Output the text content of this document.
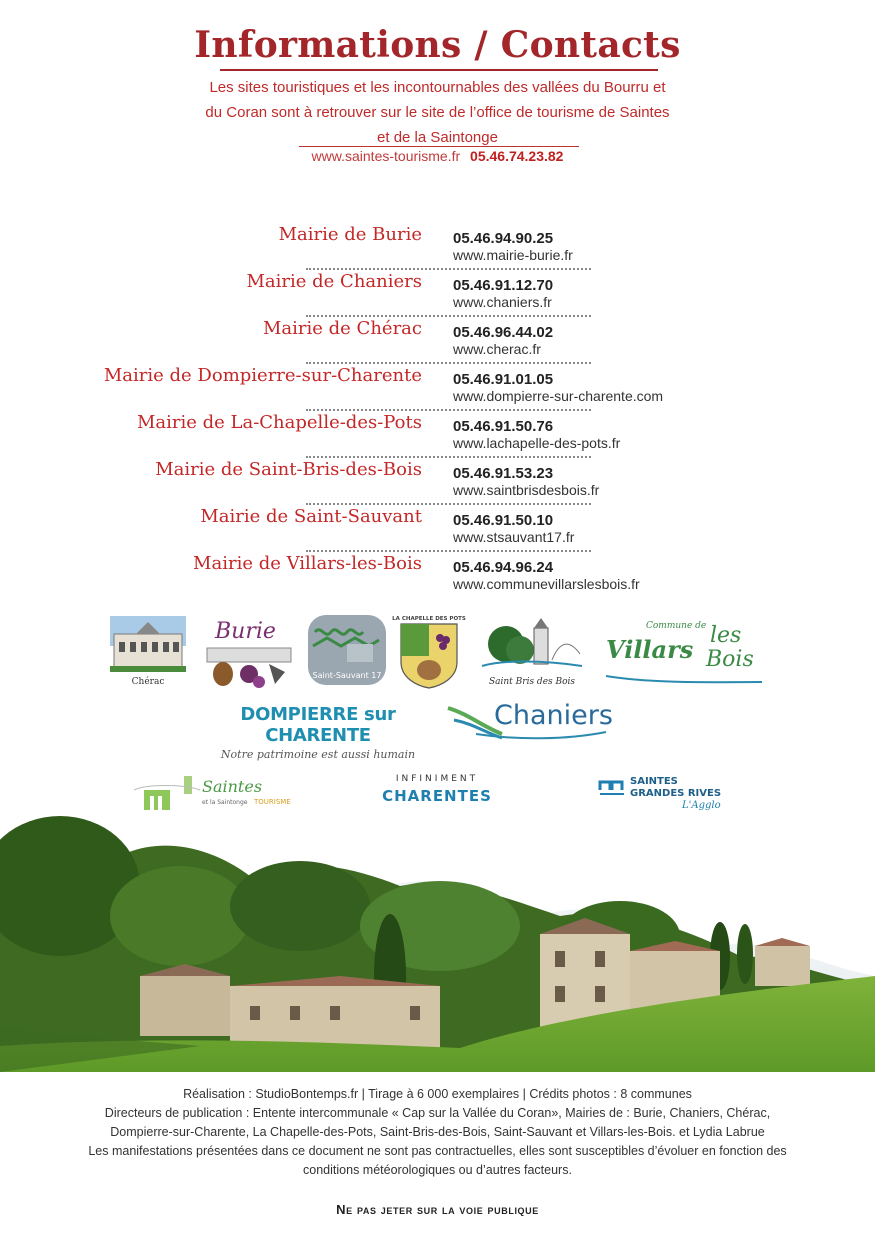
Informations / Contacts
Les sites touristiques et les incontournables des vallées du Bourru et du Coran sont à retrouver sur le site de l’office de tourisme de Saintes et de la Saintonge
www.saintes-tourisme.fr 05.46.74.23.82
Mairie de Burie 05.46.94.90.25
www.mairie-burie.fr
Mairie de Chaniers 05.46.91.12.70
www.chaniers.fr
Mairie de Chérac 05.46.96.44.02
www.cherac.fr
Mairie de Dompierre-sur-Charente 05.46.91.01.05
www.dompierre-sur-charente.com
Mairie de La-Chapelle-des-Pots 05.46.91.50.76
www.lachapelle-des-pots.fr
Mairie de Saint-Bris-des-Bois 05.46.91.53.23
www.saintbrisdesbois.fr
Mairie de Saint-Sauvant 05.46.91.50.10
www.stsauvant17.fr
Mairie de Villars-les-Bois 05.46.94.96.24
www.communevillarslesbois.fr
Chérac
Burie
Saint-Sauvant 17
LA CHAPELLE DES POTS
Saint Bris des Bois
Commune de
Villars les
Bois
DOMPIERRE sur CHARENTE
Notre patrimoine est aussi humain
Chaniers
Saintes
et la Saintonge TOURISME
INFINIMENT
CHARENTES
SAINTES
GRANDES RIVES
L'Agglo
Réalisation : StudioBontemps.fr | Tirage à 6 000 exemplaires | Crédits photos : 8 communes
Directeurs de publication : Entente intercommunale « Cap sur la Vallée du Coran», Mairies de : Burie, Chaniers, Chérac,
Dompierre-sur-Charente, La Chapelle-des-Pots, Saint-Bris-des-Bois, Saint-Sauvant et Villars-les-Bois. et Lydia Labrue
Les manifestations présentées dans ce document ne sont pas contractuelles, elles sont susceptibles d’évoluer en fonction des
conditions météorologiques ou d’autres facteurs.
Ne pas jeter sur la voie publique
